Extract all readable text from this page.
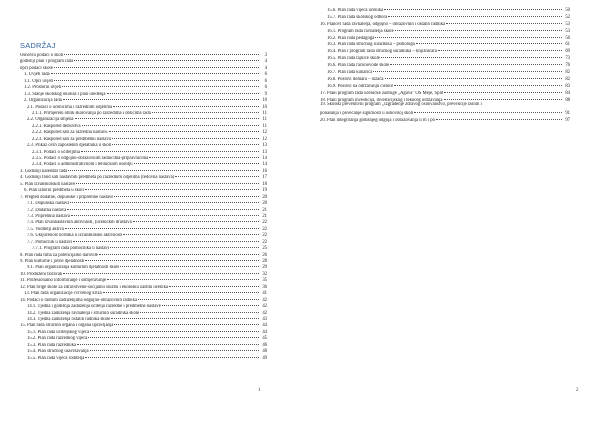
SADRŽAJ
Osnovni podaci o školi	3
godišnji plan i program rada	4
opći podaci škole	4
1. Uvjeti rada	6
1.1. Opći uvjeti	6
1.2. Prostorni uvjeti	6
1.3. Stanje školskog okoliša i plan uređenja	9
2. Organizacija rada	10
2.1. Podaci o učenicima i razrednim odjelima	10
2.1.1. Primjereni oblik školovanja po razredima i oblicima rada	11
2.2. Organizacija smjena	11
2.2.1. Raspored dežurstva	11
2.2.2. Raspored sati za razrednu nastavu	12
2.2.3. Raspored sati za predmetnu nastavu	12
2.3. Prikaz ovih zaposlenih djelatnika u školi	13
2.3.1. Podaci o učiteljima	13
2.3.5. Podaci o odgojno-obrazovnim radnicima-pripravnicima	14
2.3.4. Podaci o administrativnom i tehničkom osoblju	14
3. Godišnji kalendar rada	16
4. Godišnji fond sati nastavnih predmeta po razrednim odjelima (redovna nastava)	17
5. Plan izvanškolskih nastave	18
6. Plan izborni predmeta u školi	19
7. Pregled dodatne, dopunske i pripremne nastave	20
7.1. Dopunska nastava	20
7.2. Dodatna nastava	21
7.3. Pripremna nastava	21
7.4. Plan izvannastavnih aktivnosti, (učeničkih društava	22
7.5. Voditelji aktiva	22
7.6. Uključenost učenika u izvanškolske aktivnosti	22
7.7. Pomoćnik u nastavi	22
7.7.1. Program rada pomoćnika u nastavi	25
8. Plan rada tima za potencijalno darovite	26
9. Plan kulturne i javne djelatnosti	28
9.1. Plan organiziranja kulturnih djelatnosti škole	29
10. Produženi boravak	32
11. Profesionalno informiranje i usmjeravanje	35
12. Plan brige škole za zdravstveno-socijalnu službu i ekološku zaštitu učenika	36
13. Plan rada organizacije cvrvenog križa	41
14. Podaci o radnim zaduženjima odgojno-obrazovnih radnika	42
14.1. Tjedna i godišnja zaduženja učitelja razredne i predmetne nastave	42
14.2. Tjedna zaduženja ravnatelja i stručnih suradnika škole	42
14.3. Tjedna zaduženja ostalih radnika škole	43
15. Plan rada stručnih organa i organa upravljanja	44
15.1. Plan rada učiteljskog vijeća	44
15.2. Plan rada razrednog vijeća	45
15.3. Plan rada razrednika	46
15.4. Plan stručnog usavršavanja	48
15.5. Plan rada vijeća roditelja	49
1
15.6. Plan rada vijeća učenika	50
15.7. Plan rada školskog odbora	52
16. Planovi rada ravnatelja, odgojno – obrazovnih i ostalih radnika	53
16.1. Program rada ravnatelja škole	53
16.2. Plan rada pedagoga	56
16.3. Plan rada stručnog suradnika – psihologa	61
16.4. Plan i program rada stručnog suradnika – knjižničara	69
16.5. Plan rada tajnice škole	73
16.6. Plan rada računovođe škole	76
16.7. Plan rada kuharica	82
16.8. Poslovi domara – ložača	82
16.9. Poslovi na održavanju čistoće	83
17. Plani program rada učeničke zadruge „Agava" OŠ Meje, Split	84
18. Plani program investicija, investicijskog i tekućeg održavanja	88
19. Školski preventivni program ,,Izgrađenje zdravog osnovanstvo, prevencije rasnih i
ponašanja i povećanje sigurnosti u osnovnoj školi	91
20. Plan integriranja godišnjeg odgoja i obrazovanja u rn i po	97
2
